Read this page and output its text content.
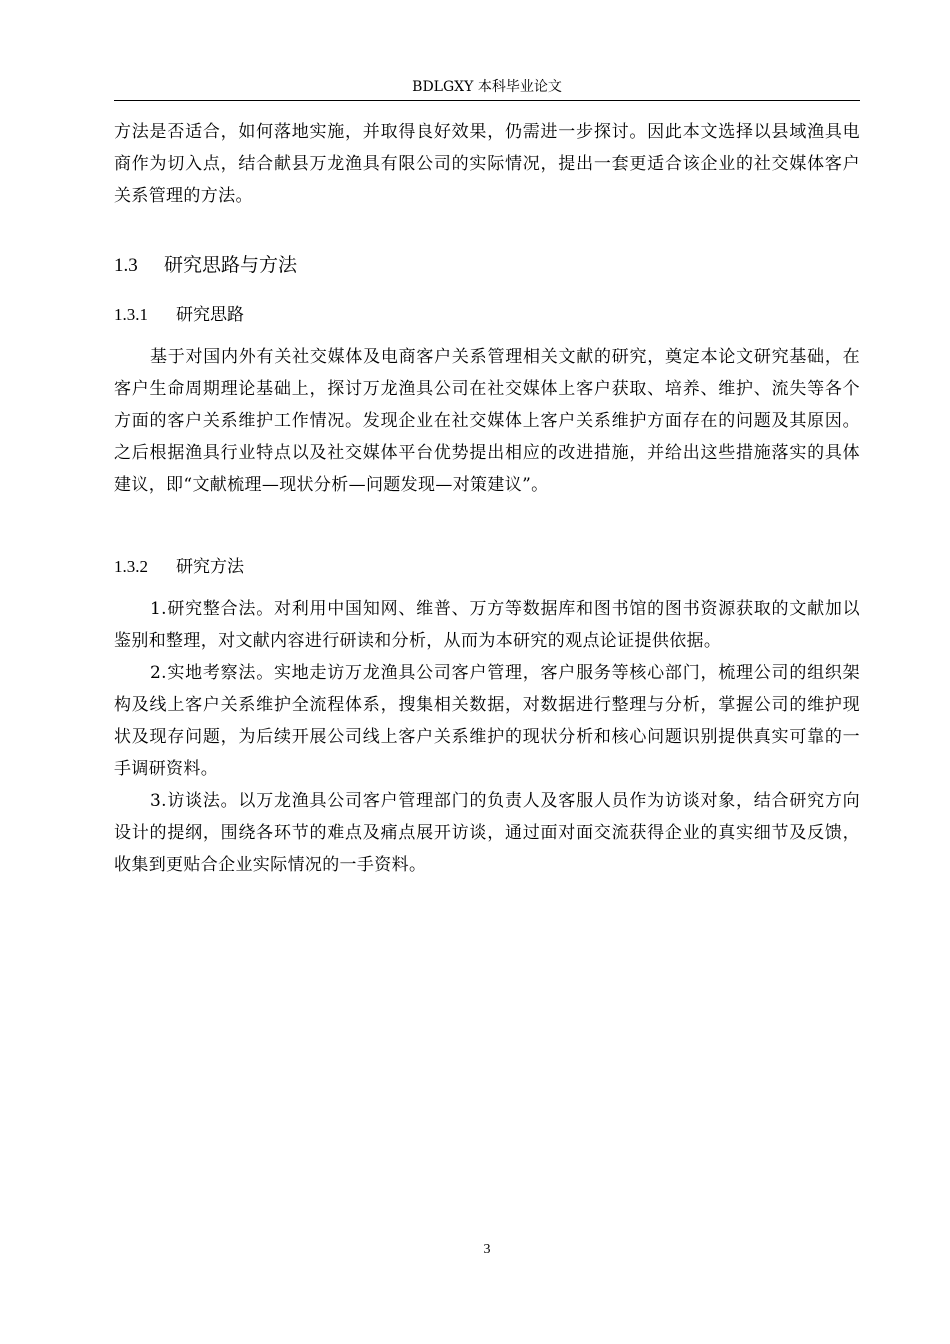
BDLGXY 本科毕业论文

方法是否适合，如何落地实施，并取得良好效果，仍需进一步探讨。因此本文选择以县域渔具电商作为切入点，结合献县万龙渔具有限公司的实际情况，提出一套更适合该企业的社交媒体客户关系管理的方法。

1.3 研究思路与方法
1.3.1 研究思路

基于对国内外有关社交媒体及电商客户关系管理相关文献的研究，奠定本论文研究基础，在客户生命周期理论基础上，探讨万龙渔具公司在社交媒体上客户获取、培养、维护、流失等各个方面的客户关系维护工作情况。发现企业在社交媒体上客户关系维护方面存在的问题及其原因。之后根据渔具行业特点以及社交媒体平台优势提出相应的改进措施，并给出这些措施落实的具体建议，即“文献梳理—现状分析—问题发现—对策建议”。

1.3.2 研究方法

1.研究整合法。对利用中国知网、维普、万方等数据库和图书馆的图书资源获取的文献加以鉴别和整理，对文献内容进行研读和分析，从而为本研究的观点论证提供依据。

2.实地考察法。实地走访万龙渔具公司客户管理，客户服务等核心部门，梳理公司的组织架构及线上客户关系维护全流程体系，搜集相关数据，对数据进行整理与分析，掌握公司的维护现状及现存问题，为后续开展公司线上客户关系维护的现状分析和核心问题识别提供真实可靠的一手调研资料。

3.访谈法。以万龙渔具公司客户管理部门的负责人及客服人员作为访谈对象，结合研究方向设计的提纲，围绕各环节的难点及痛点展开访谈，通过面对面交流获得企业的真实细节及反馈，收集到更贴合企业实际情况的一手资料。

3
